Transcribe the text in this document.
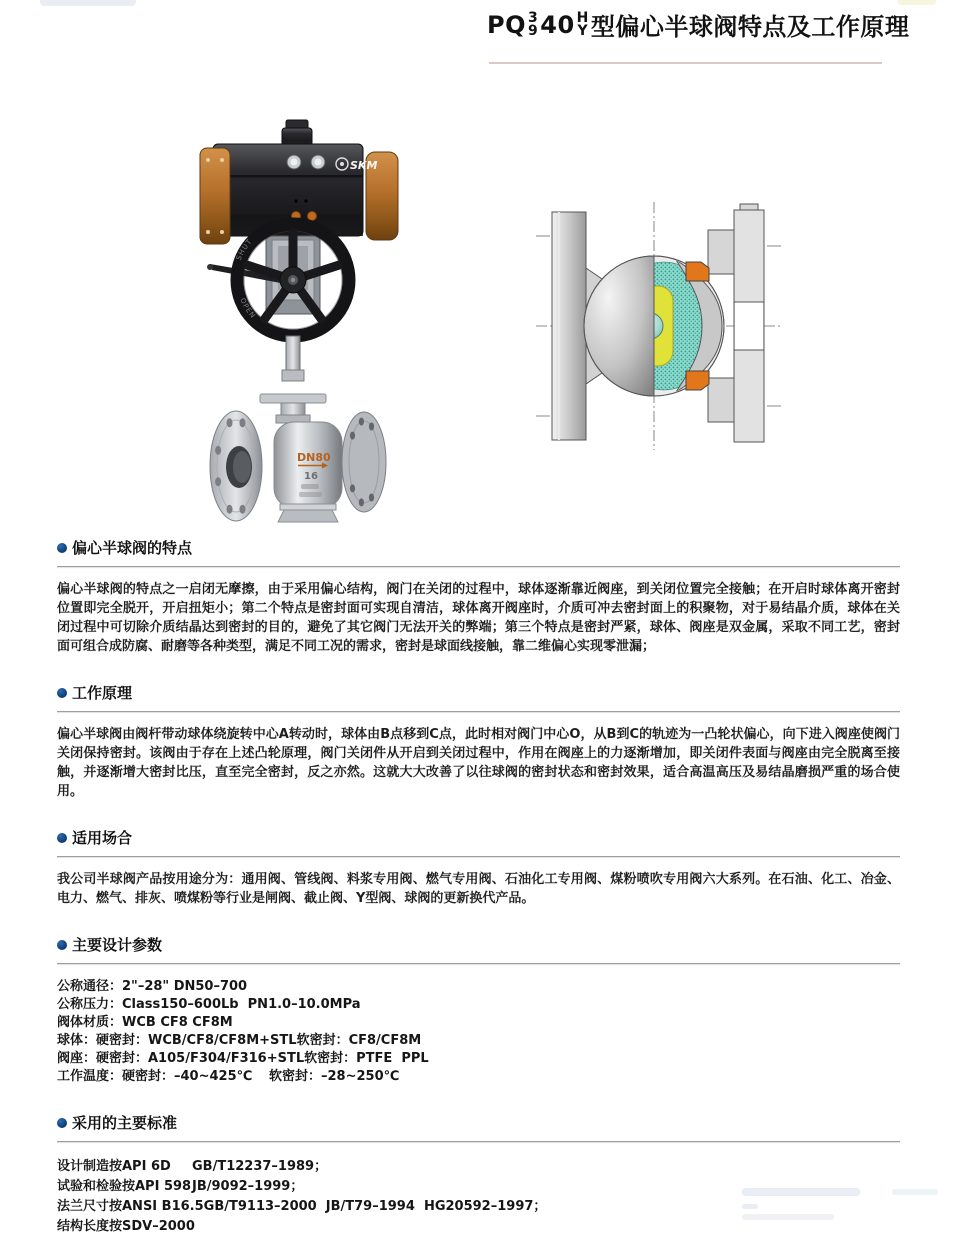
PQ 3
9 40 H
Y 型偏心半球阀特点及工作原理
SKM
SHUT
OPEN
DN80
16
偏心半球阀的特点

偏心半球阀的特点之一启闭无摩擦，由于采用偏心结构，阀门在关闭的过程中，球体逐渐靠近阀座，到关闭位置完全接触；在开启时球体离开密封位置即完全脱开，开启扭矩小；第二个特点是密封面可实现自清洁，球体离开阀座时，介质可冲去密封面上的积聚物，对于易结晶介质，球体在关闭过程中可切除介质结晶达到密封的目的，避免了其它阀门无法开关的弊端；第三个特点是密封严紧，球体、阀座是双金属，采取不同工艺，密封面可组合成防腐、耐磨等各种类型，满足不同工况的需求，密封是球面线接触，靠二维偏心实现零泄漏；

工作原理

偏心半球阀由阀杆带动球体绕旋转中心A转动时，球体由B点移到C点，此时相对阀门中心O，从B到C的轨迹为一凸轮状偏心，向下进入阀座使阀门关闭保持密封。该阀由于存在上述凸轮原理，阀门关闭件从开启到关闭过程中，作用在阀座上的力逐渐增加，即关闭件表面与阀座由完全脱离至接触，并逐渐增大密封比压，直至完全密封，反之亦然。这就大大改善了以往球阀的密封状态和密封效果，适合高温高压及易结晶磨损严重的场合使用。

适用场合

我公司半球阀产品按用途分为：通用阀、管线阀、料浆专用阀、燃气专用阀、石油化工专用阀、煤粉喷吹专用阀六大系列。在石油、化工、冶金、电力、燃气、排灰、喷煤粉等行业是闸阀、截止阀、Y型阀、球阀的更新换代产品。

主要设计参数
公称通径：2"–28" DN50–700
公称压力：Class150–600Lb  PN1.0–10.0MPa
阀体材质：WCB CF8 CF8M
球体：硬密封：WCB/CF8/CF8M+STL 软密封：CF8/CF8M
阀座：硬密封：A105/F304/F316+STL 软密封：PTFE  PPL
工作温度：硬密封：–40~425℃	软密封：–28~250℃
采用的主要标准
设计制造按API 6D	GB/T12237–1989；
试验和检验按API 598 JB/9092–1999；
法兰尺寸按ANSI B16.5 GB/T9113–2000  JB/T79–1994  HG20592–1997；
结构长度按SDV–2000
